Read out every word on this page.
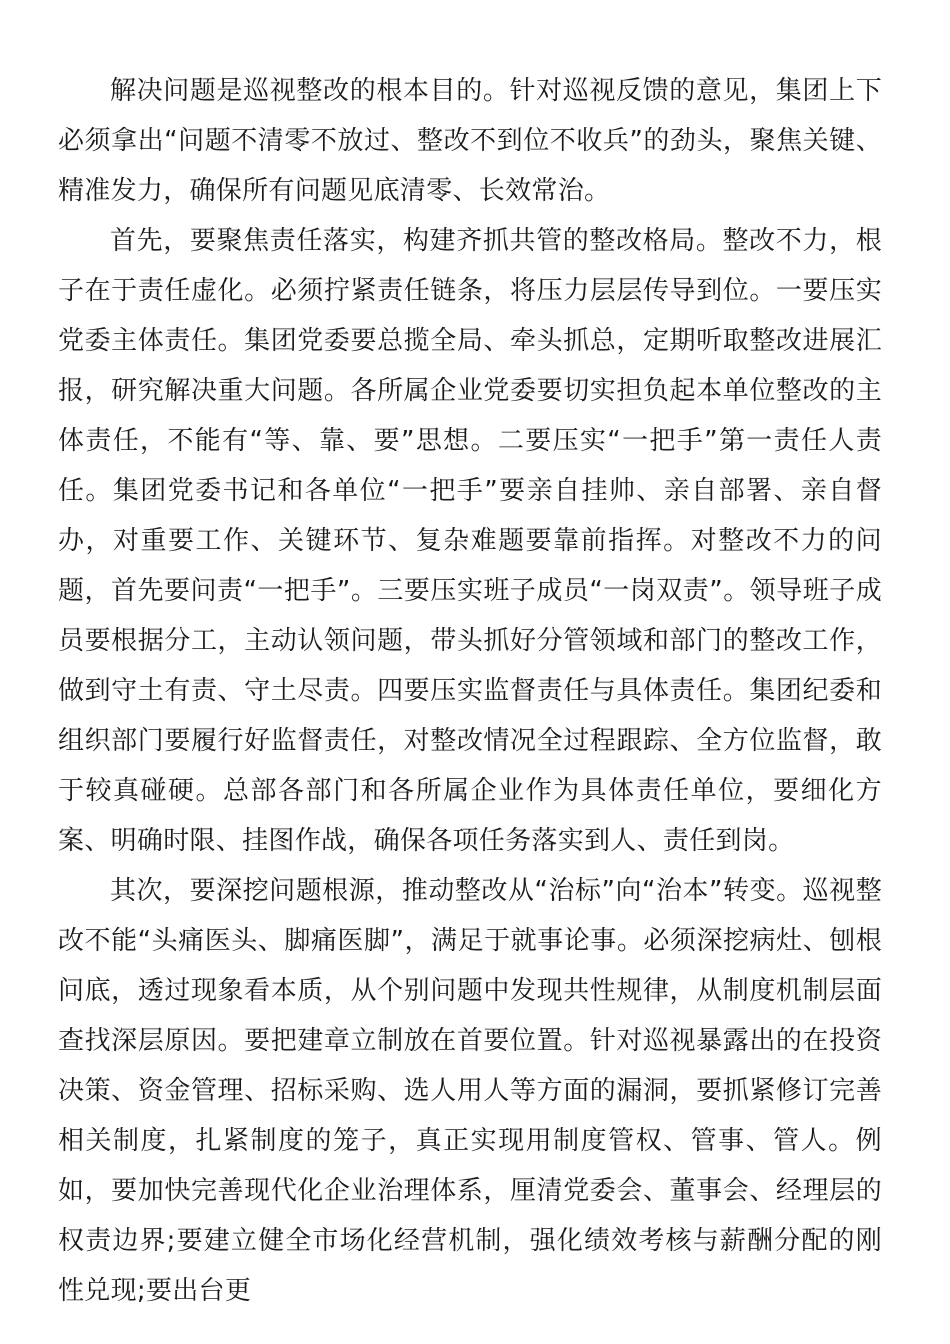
解决问题是巡视整改的根本目的。针对巡视反馈的意见，集团上下必须拿出“问题不清零不放过、整改不到位不收兵”的劲头，聚焦关键、精准发力，确保所有问题见底清零、长效常治。

首先，要聚焦责任落实，构建齐抓共管的整改格局。整改不力，根子在于责任虚化。必须拧紧责任链条，将压力层层传导到位。一要压实党委主体责任。集团党委要总揽全局、牵头抓总，定期听取整改进展汇报，研究解决重大问题。各所属企业党委要切实担负起本单位整改的主体责任，不能有“等、靠、要”思想。二要压实“一把手”第一责任人责任。集团党委书记和各单位“一把手”要亲自挂帅、亲自部署、亲自督办，对重要工作、关键环节、复杂难题要靠前指挥。对整改不力的问题，首先要问责“一把手”。三要压实班子成员“一岗双责”。领导班子成员要根据分工，主动认领问题，带头抓好分管领域和部门的整改工作，做到守土有责、守土尽责。四要压实监督责任与具体责任。集团纪委和组织部门要履行好监督责任，对整改情况全过程跟踪、全方位监督，敢于较真碰硬。总部各部门和各所属企业作为具体责任单位，要细化方案、明确时限、挂图作战，确保各项任务落实到人、责任到岗。

其次，要深挖问题根源，推动整改从“治标”向“治本”转变。巡视整改不能“头痛医头、脚痛医脚”，满足于就事论事。必须深挖病灶、刨根问底，透过现象看本质，从个别问题中发现共性规律，从制度机制层面查找深层原因。要把建章立制放在首要位置。针对巡视暴露出的在投资决策、资金管理、招标采购、选人用人等方面的漏洞，要抓紧修订完善相关制度，扎紧制度的笼子，真正实现用制度管权、管事、管人。例如，要加快完善现代化企业治理体系，厘清党委会、董事会、经理层的权责边界;要建立健全市场化经营机制，强化绩效考核与薪酬分配的刚性兑现;要出台更
